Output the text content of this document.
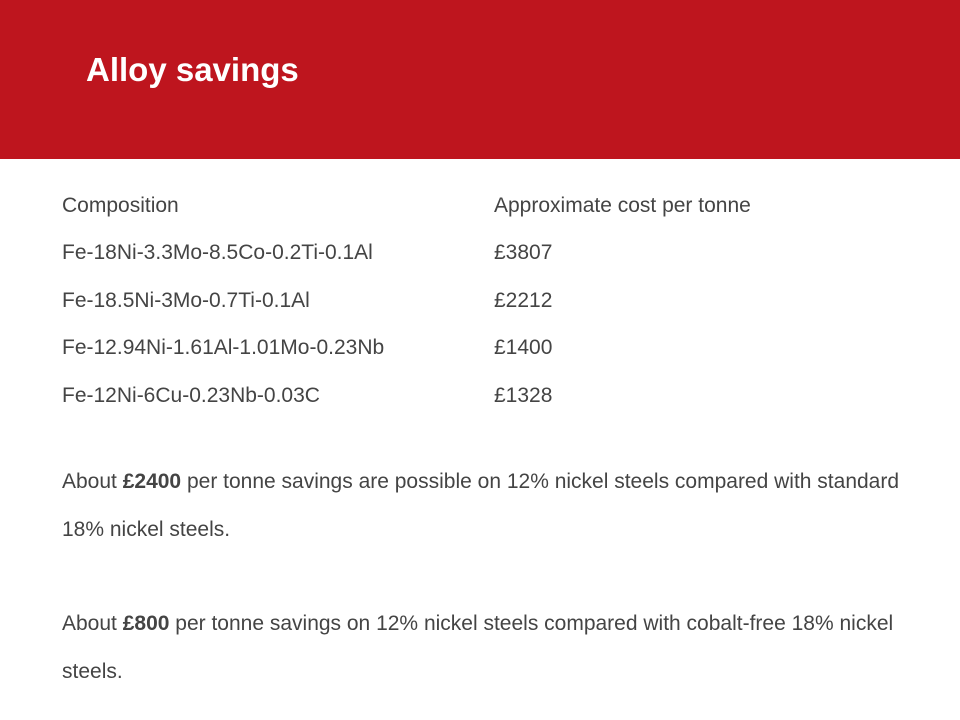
Alloy savings
Composition	Approximate cost per tonne
Fe-18Ni-3.3Mo-8.5Co-0.2Ti-0.1Al	£3807
Fe-18.5Ni-3Mo-0.7Ti-0.1Al	£2212
Fe-12.94Ni-1.61Al-1.01Mo-0.23Nb	£1400
Fe-12Ni-6Cu-0.23Nb-0.03C	£1328

About £2400 per tonne savings are possible on 12% nickel steels compared with standard 18% nickel steels.

About £800 per tonne savings on 12% nickel steels compared with cobalt-free 18% nickel steels.
